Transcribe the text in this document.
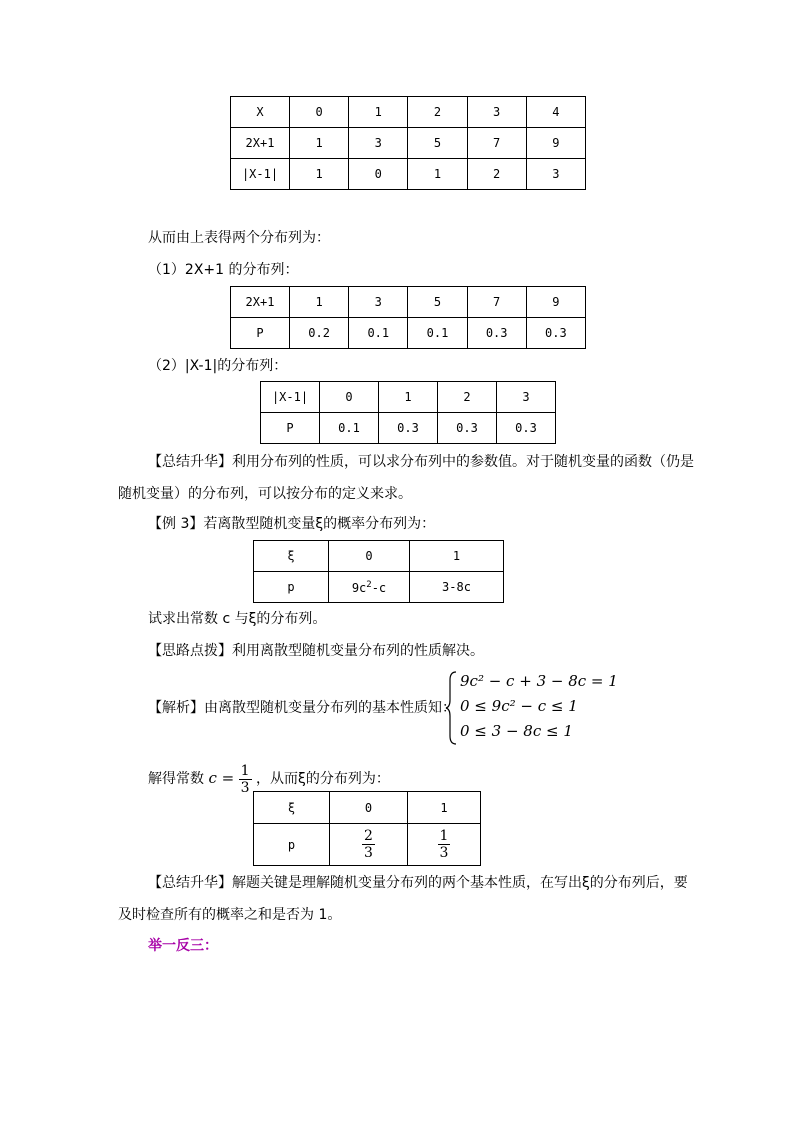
X	0	1	2	3	4
2X+1	1	3	5	7	9
|X-1|	1	0	1	2	3
从而由上表得两个分布列为：
（1）2X+1 的分布列：
2X+1	1	3	5	7	9
P	0.2	0.1	0.1	0.3	0.3
（2）|X-1|的分布列：
|X-1|	0	1	2	3
P	0.1	0.3	0.3	0.3
【总结升华】利用分布列的性质，可以求分布列中的参数值。对于随机变量的函数（仍是
随机变量）的分布列，可以按分布的定义来求。
【例 3】若离散型随机变量ξ的概率分布列为：
ξ	0	1
p	$9c^2-c$	3-8c
试求出常数 c 与ξ的分布列。
【思路点拨】利用离散型随机变量分布列的性质解决。
【解析】由离散型随机变量分布列的基本性质知：
9c² − c + 3 − 8c = 1
0 ≤ 9c² − c ≤ 1
0 ≤ 3 − 8c ≤ 1
解得常数 $c = \frac{1}{3}$ ，从而ξ的分布列为：
ξ	0	1
p	$\frac{2}{3}$	$\frac{1}{3}$
【总结升华】解题关键是理解随机变量分布列的两个基本性质，在写出ξ的分布列后，要
及时检查所有的概率之和是否为 1。
举一反三：
